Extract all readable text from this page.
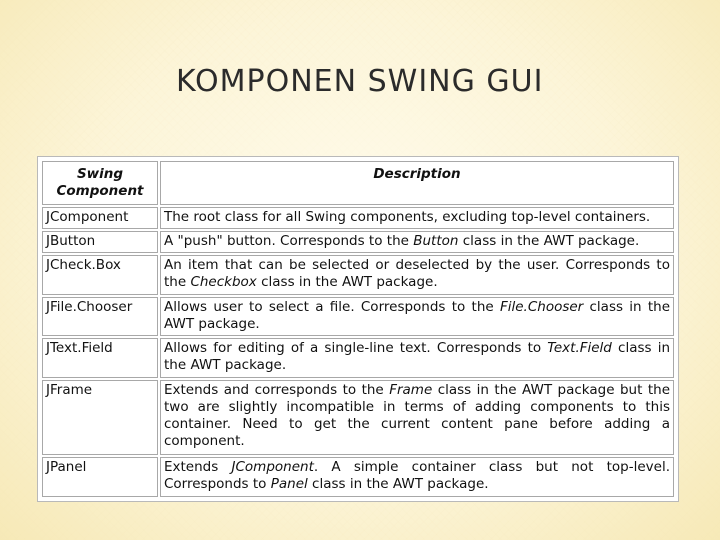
KOMPONEN SWING GUI
Swing Component	Description
JComponent	The root class for all Swing components, excluding top-level containers.
JButton	A "push" button. Corresponds to the Button class in the AWT package.
JCheck.Box	An item that can be selected or deselected by the user. Corresponds to the Checkbox class in the AWT package.
JFile.Chooser	Allows user to select a file. Corresponds to the File.Chooser class in the AWT package.
JText.Field	Allows for editing of a single-line text. Corresponds to Text.Field class in the AWT package.
JFrame	Extends and corresponds to the Frame class in the AWT package but the two are slightly incompatible in terms of adding components to this container. Need to get the current content pane before adding a component.
JPanel	Extends JComponent. A simple container class but not top-level. Corresponds to Panel class in the AWT package.
